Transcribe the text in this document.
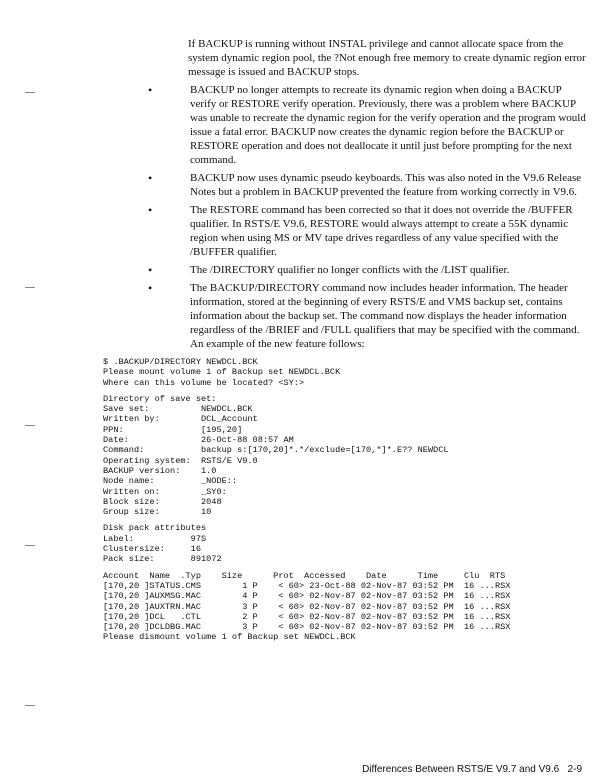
If BACKUP is running without INSTAL privilege and cannot allocate space from the system dynamic region pool, the ?Not enough free memory to create dynamic region error message is issued and BACKUP stops.

• BACKUP no longer attempts to recreate its dynamic region when doing a BACKUP verify or RESTORE verify operation. Previously, there was a problem where BACKUP was unable to recreate the dynamic region for the verify operation and the program would issue a fatal error. BACKUP now creates the dynamic region before the BACKUP or RESTORE operation and does not deallocate it until just before prompting for the next command.

• BACKUP now uses dynamic pseudo keyboards. This was also noted in the V9.6 Release Notes but a problem in BACKUP prevented the feature from working correctly in V9.6.

• The RESTORE command has been corrected so that it does not override the /BUFFER qualifier. In RSTS/E V9.6, RESTORE would always attempt to create a 55K dynamic region when using MS or MV tape drives regardless of any value specified with the /BUFFER qualifier.

• The /DIRECTORY qualifier no longer conflicts with the /LIST qualifier.

• The BACKUP/DIRECTORY command now includes header information. The header information, stored at the beginning of every RSTS/E and VMS backup set, contains information about the backup set. The command now displays the header information regardless of the /BRIEF and /FULL qualifiers that may be specified with the command. An example of the new feature follows:

$ .BACKUP/DIRECTORY NEWDCL.BCK
Please mount volume 1 of Backup set NEWDCL.BCK
Where can this volume be located? <SY:>
Directory of save set:
Save set:          NEWDCL.BCK
Written by:        DCL_Account
PPN:               [195,20]
Date:              26-Oct-88 08:57 AM
Command:           backup s:[170,20]*.*/exclude=[170,*]*.E?? NEWDCL
Operating system:  RSTS/E V9.0
BACKUP version:    1.0
Node name:         _NODE::
Written on:        _SY0:
Block size:        2048
Group size:        10
Disk pack attributes
Label:           97S
Clustersize:     16
Pack size:       891072
Account  Name  .Typ    Size      Prot  Accessed    Date      Time     Clu  RTS
[170,20 ]STATUS.CMS        1 P    < 60> 23-Oct-88 02-Nov-87 03:52 PM  16 ...RSX
[170,20 ]AUXMSG.MAC        4 P    < 60> 02-Nov-87 02-Nov-87 03:52 PM  16 ...RSX
[170,20 ]AUXTRN.MAC        3 P    < 60> 02-Nov-87 02-Nov-87 03:52 PM  16 ...RSX
[170,20 ]DCL   .CTL        2 P    < 60> 02-Nov-87 02-Nov-87 03:52 PM  16 ...RSX
[170,20 ]DCLDBG.MAC        3 P    < 60> 02-Nov-87 02-Nov-87 03:52 PM  16 ...RSX
Please dismount volume 1 of Backup set NEWDCL.BCK
Differences Between RSTS/E V9.7 and V9.6   2-9
